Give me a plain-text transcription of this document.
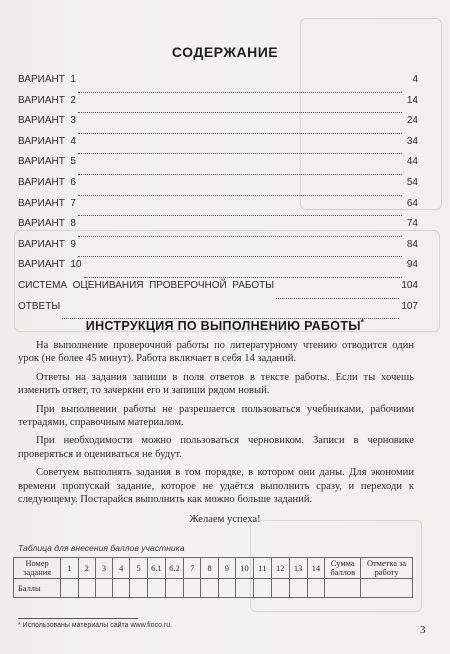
СОДЕРЖАНИЕ
ВАРИАНТ  1	4
ВАРИАНТ  2	14
ВАРИАНТ  3	24
ВАРИАНТ  4	34
ВАРИАНТ  5	44
ВАРИАНТ  6	54
ВАРИАНТ  7	64
ВАРИАНТ  8	74
ВАРИАНТ  9	84
ВАРИАНТ  10	94
СИСТЕМА  ОЦЕНИВАНИЯ  ПРОВЕРОЧНОЙ  РАБОТЫ	104
ОТВЕТЫ	107
ИНСТРУКЦИЯ ПО ВЫПОЛНЕНИЮ РАБОТЫ*

На выполнение проверочной работы по литературному чтению отводится один урок (не более 45 минут). Работа включает в себя 14 заданий.

Ответы на задания запиши в поля ответов в тексте работы. Если ты хочешь изменить ответ, то зачеркни его и запиши рядом новый.

При выполнении работы не разрешается пользоваться учебниками, рабочими тетрадями, справочным материалом.

При необходимости можно пользоваться черновиком. Записи в черновике проверяться и оцениваться не будут.

Советуем выполнять задания в том порядке, в котором они даны. Для экономии времени пропускай задание, которое не удаётся выполнить сразу, и переходи к следующему. Постарайся выполнить как можно больше заданий.

Желаем успеха!
Таблица для внесения баллов участника
Номер задания	1	2	3	4	5	6.1	6.2	7	8	9	10	11	12	13	14	Сумма баллов	Отметка за работу
Баллы																	
* Использованы материалы сайта www.fioco.ru.	3
